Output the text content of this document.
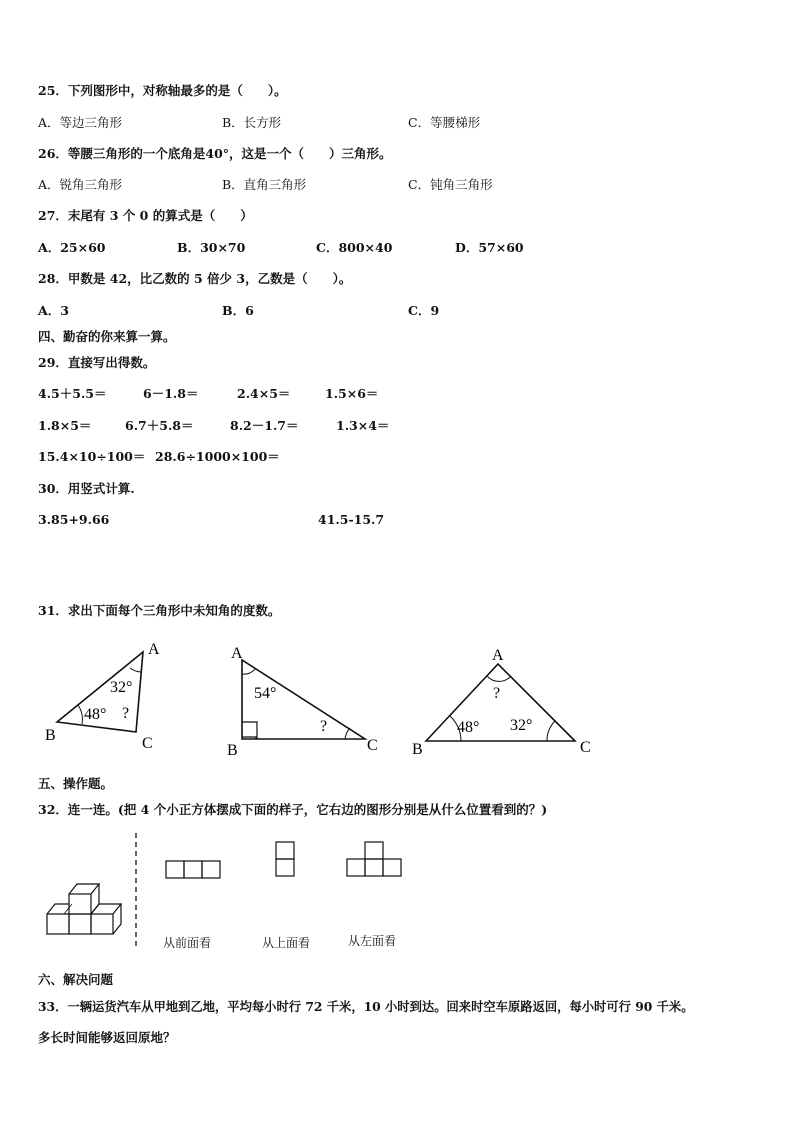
25．下列图形中，对称轴最多的是（　　）。
A．等边三角形	B．长方形	C．等腰梯形
26．等腰三角形的一个底角是40°，这是一个（　　）三角形。
A．锐角三角形	B．直角三角形	C．钝角三角形
27．末尾有 3 个 0 的算式是（　　）
A．25×60	B．30×70	C．800×40	D．57×60
28．甲数是 42，比乙数的 5 倍少 3，乙数是（　　）。
A．3	B．6	C．9
四、勤奋的你来算一算。
29．直接写出得数。
4.5＋5.5＝	6－1.8＝	2.4×5＝	1.5×6＝
1.8×5＝	6.7＋5.8＝	8.2－1.7＝	1.3×4＝
15.4×10÷100＝ 28.6÷1000×100＝
30．用竖式计算.
3.85+9.66	41.5-15.7
31．求出下面每个三角形中未知角的度数。
A
B	C
32°
48° ?
A
B	C
54°
?
A
B	C
?
48° 32°
五、操作题。
32．连一连。(把 4 个小正方体摆成下面的样子，它右边的图形分别是从什么位置看到的？)
从前面看	从上面看	从左面看
六、解决问题
33．一辆运货汽车从甲地到乙地，平均每小时行 72 千米，10 小时到达。回来时空车原路返回，每小时可行 90 千米。
多长时间能够返回原地？
